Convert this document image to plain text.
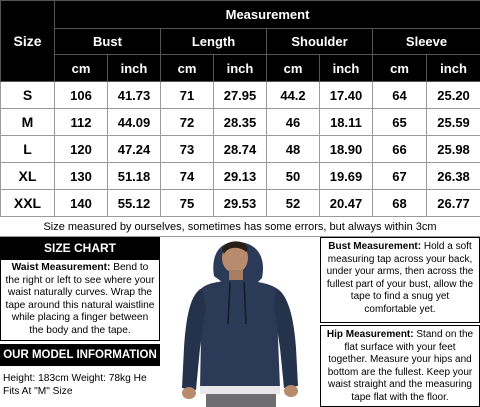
Size	Measurement							
	Bust		Length		Shoulder		Sleeve	
	cm	inch	cm	inch	cm	inch	cm	inch
S	106	41.73	71	27.95	44.2	17.40	64	25.20
M	112	44.09	72	28.35	46	18.11	65	25.59
L	120	47.24	73	28.74	48	18.90	66	25.98
XL	130	51.18	74	29.13	50	19.69	67	26.38
XXL	140	55.12	75	29.53	52	20.47	68	26.77
Size measured by ourselves, sometimes has some errors, but always within 3cm
SIZE CHART
Waist Measurement: Bend to the right or left to see where your waist naturally curves. Wrap the tape around this natural waistline while placing a finger between the body and the tape.
OUR MODEL INFORMATION
Height: 183cm Weight: 78kg He Fits At "M" Size
Bust Measurement: Hold a soft measuring tap across your back, under your arms, then across the fullest part of your bust, allow the tape to find a snug yet comfortable yet.
Hip Measurement: Stand on the flat surface with your feet together. Measure your hips and bottom are the fullest. Keep your waist straight and the measuring tape flat with the floor.
